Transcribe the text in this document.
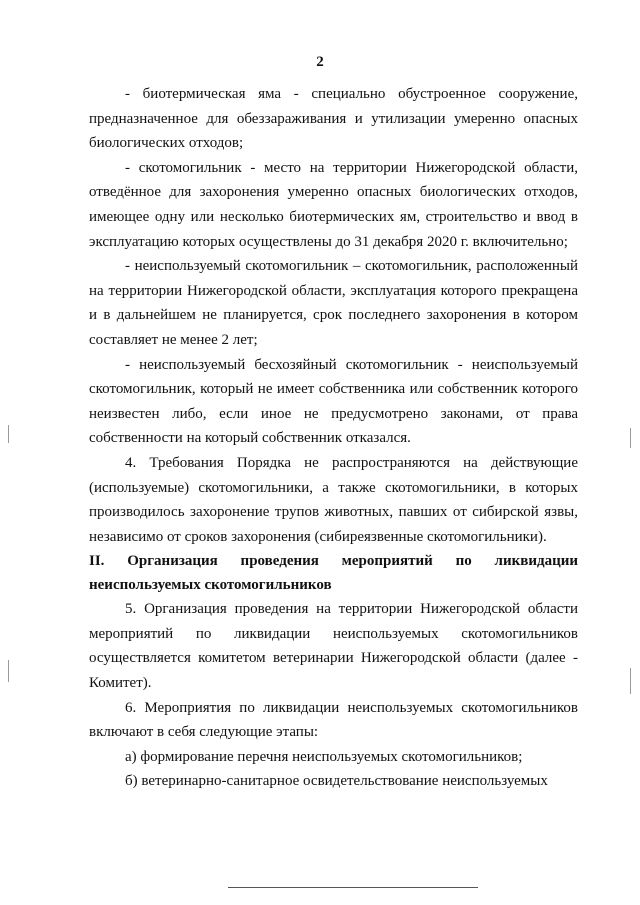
2

- биотермическая яма - специально обустроенное сооружение, предназначенное для обеззараживания и утилизации умеренно опасных биологических отходов;

- скотомогильник - место на территории Нижегородской области, отведённое для захоронения умеренно опасных биологических отходов, имеющее одну или несколько биотермических ям, строительство и ввод в эксплуатацию которых осуществлены до 31 декабря 2020 г. включительно;

- неиспользуемый скотомогильник – скотомогильник, расположенный на территории Нижегородской области, эксплуатация которого прекращена и в дальнейшем не планируется, срок последнего захоронения в котором составляет не менее 2 лет;

- неиспользуемый бесхозяйный скотомогильник - неиспользуемый скотомогильник, который не имеет собственника или собственник которого неизвестен либо, если иное не предусмотрено законами, от права собственности на который собственник отказался.

4. Требования Порядка не распространяются на действующие (используемые) скотомогильники, а также скотомогильники, в которых производилось захоронение трупов животных, павших от сибирской язвы, независимо от сроков захоронения (сибиреязвенные скотомогильники).

II. Организация проведения мероприятий по ликвидации неиспользуемых скотомогильников

5. Организация проведения на территории Нижегородской области мероприятий по ликвидации неиспользуемых скотомогильников осуществляется комитетом ветеринарии Нижегородской области (далее - Комитет).

6. Мероприятия по ликвидации неиспользуемых скотомогильников включают в себя следующие этапы:

а) формирование перечня неиспользуемых скотомогильников;

б) ветеринарно-санитарное освидетельствование неиспользуемых
